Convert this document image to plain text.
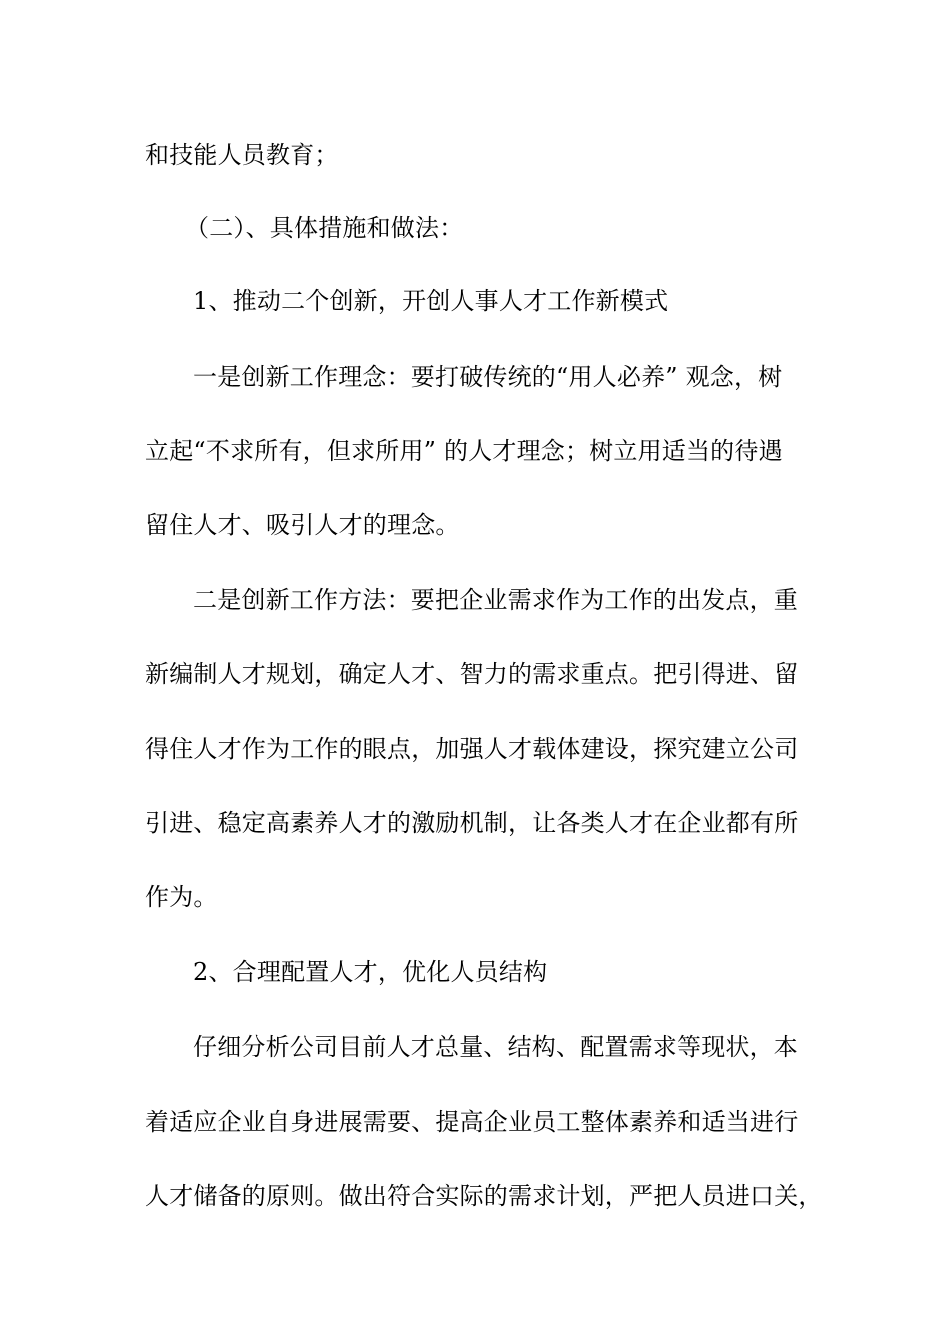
和技能人员教育；
（二）、具体措施和做法：
1、推动二个创新，开创人事人才工作新模式
一是创新工作理念：要打破传统的“用人必养” 观念，树
立起“不求所有，但求所用” 的人才理念；树立用适当的待遇
留住人才、吸引人才的理念。
二是创新工作方法：要把企业需求作为工作的出发点，重
新编制人才规划，确定人才、智力的需求重点。把引得进、留
得住人才作为工作的眼点，加强人才载体建设，探究建立公司
引进、稳定高素养人才的激励机制，让各类人才在企业都有所
作为。
2、合理配置人才，优化人员结构
仔细分析公司目前人才总量、结构、配置需求等现状，本
着适应企业自身进展需要、提高企业员工整体素养和适当进行
人才储备的原则。做出符合实际的需求计划，严把人员进口关，
